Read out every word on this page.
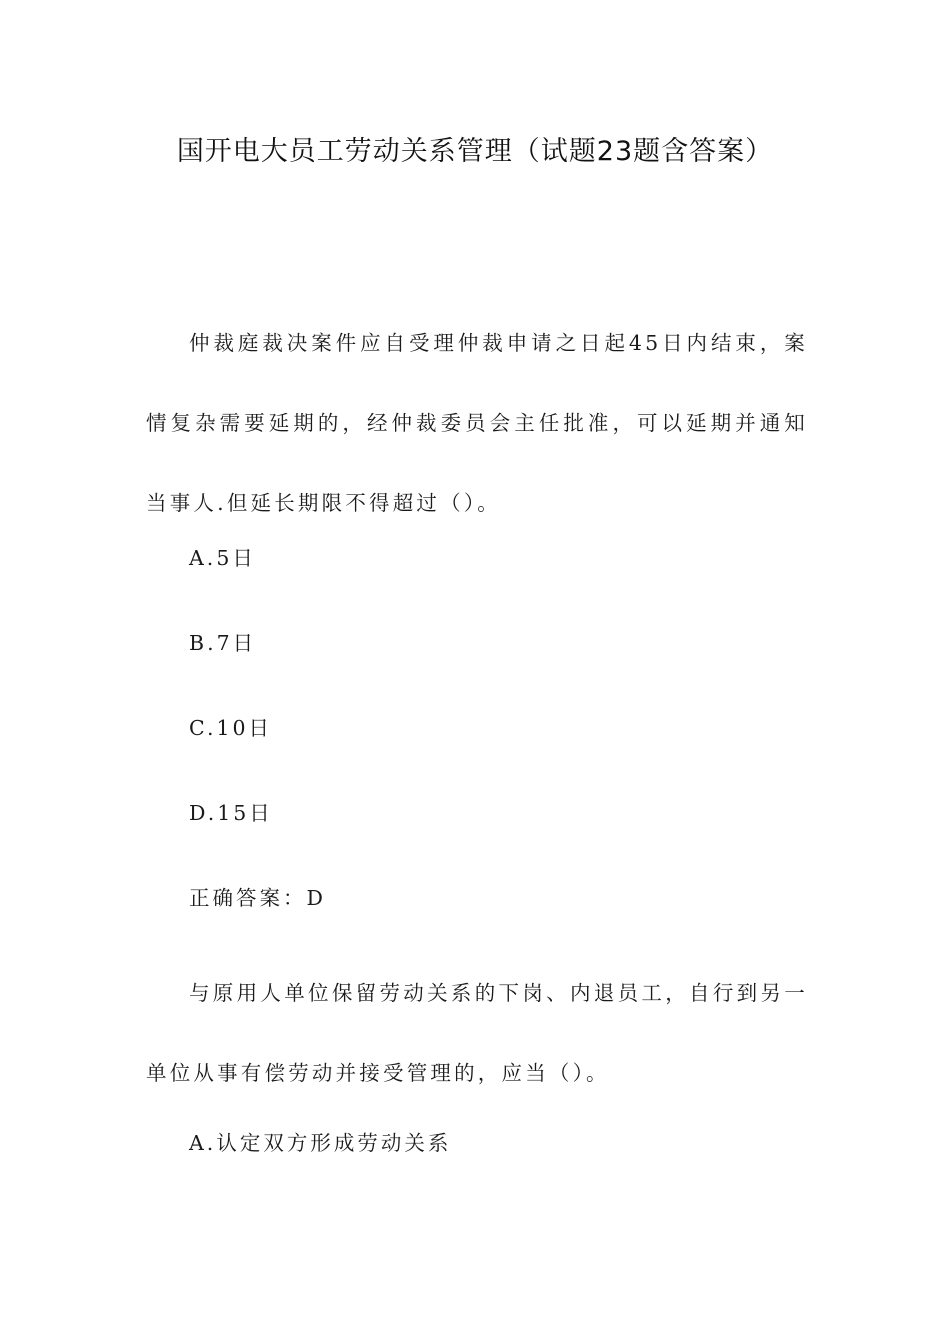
国开电大员工劳动关系管理（试题23题含答案）

仲裁庭裁决案件应自受理仲裁申请之日起45日内结束，案情复杂需要延期的，经仲裁委员会主任批准，可以延期并通知当事人.但延长期限不得超过（）。

A.5日
B.7日
C.10日
D.15日
正确答案：D

与原用人单位保留劳动关系的下岗、内退员工，自行到另一单位从事有偿劳动并接受管理的，应当（）。

A.认定双方形成劳动关系
